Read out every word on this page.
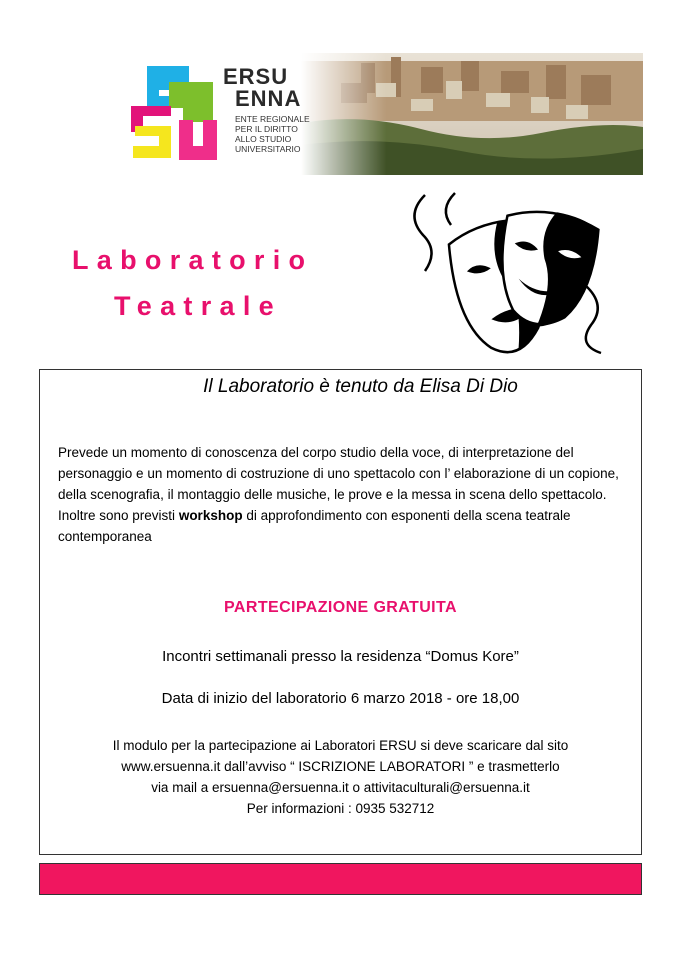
ERSU
ENNA
ENTE REGIONALE
PER IL DIRITTO
ALLO STUDIO
UNIVERSITARIO
Laboratorio
Teatrale
Il Laboratorio è tenuto da Elisa Di Dio
Prevede un momento di conoscenza del corpo studio della voce, di interpretazione del personaggio e un momento di costruzione di uno spettacolo con l’ elaborazione di un copione, della scenografia, il montaggio delle musiche, le prove e la messa in scena dello spettacolo. Inoltre sono previsti workshop di approfondimento con esponenti della scena teatrale contemporanea
PARTECIPAZIONE GRATUITA
Incontri settimanali presso la residenza “Domus Kore”
Data di inizio del laboratorio 6 marzo 2018 - ore 18,00
Il modulo per la partecipazione ai Laboratori ERSU si deve scaricare dal sito
www.ersuenna.it dall’avviso “ ISCRIZIONE LABORATORI ” e trasmetterlo
via mail a ersuenna@ersuenna.it o attivitaculturali@ersuenna.it
Per informazioni : 0935 532712
